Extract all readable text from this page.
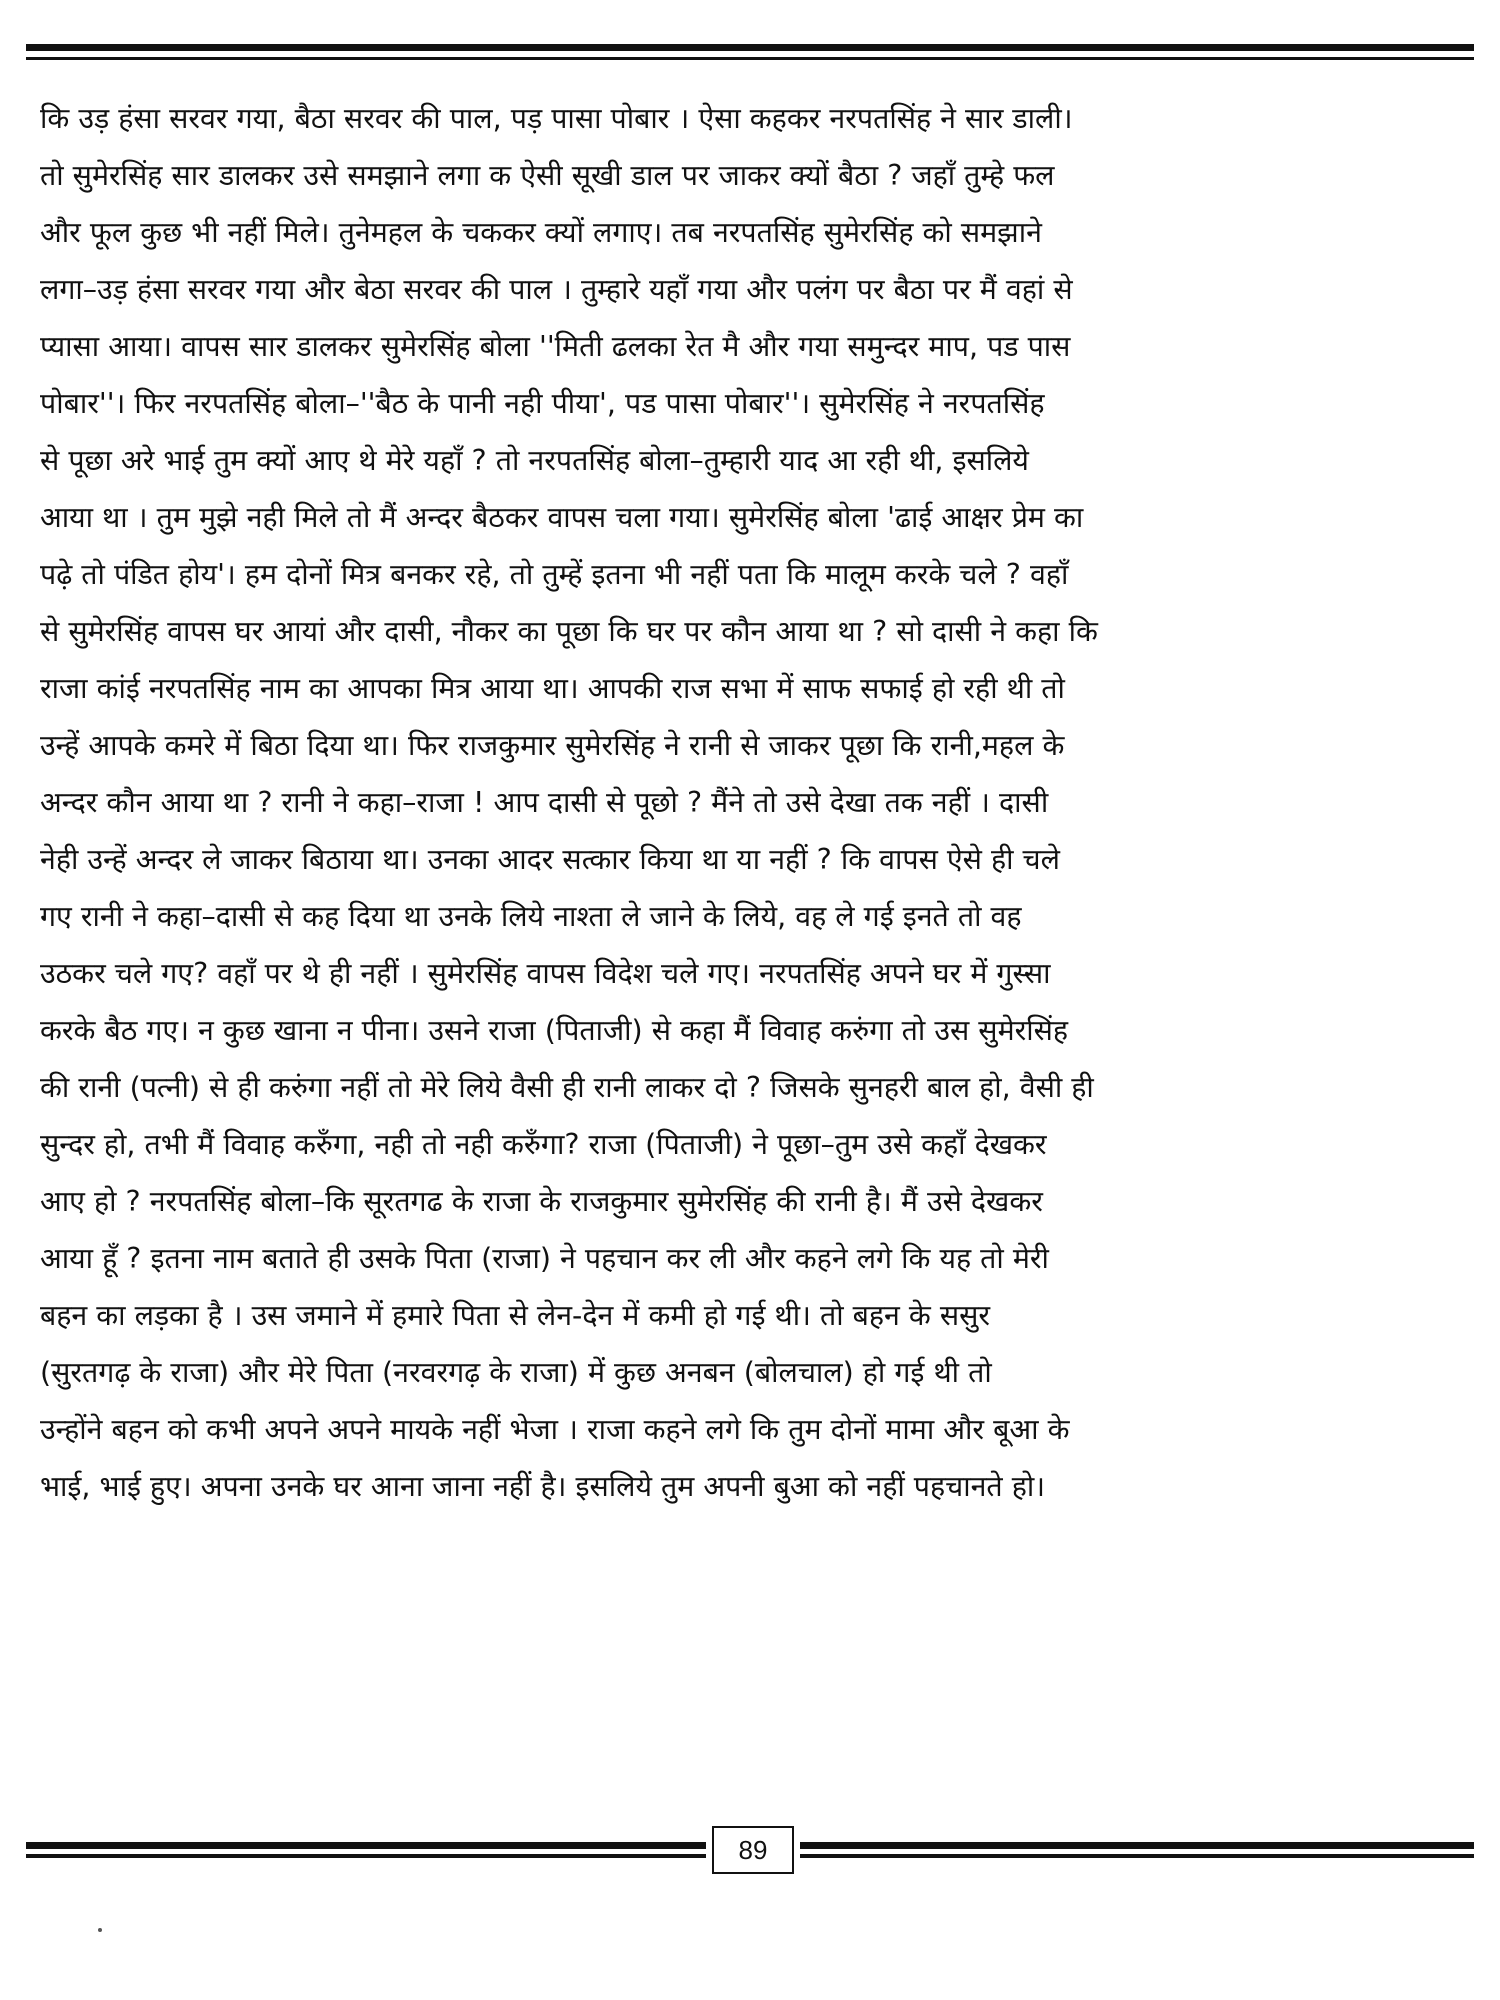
कि उड़ हंसा सरवर गया, बैठा सरवर की पाल, पड़ पासा पोबार । ऐसा कहकर नरपतसिंह ने सार डाली।
तो सुमेरसिंह सार डालकर उसे समझाने लगा क ऐसी सूखी डाल पर जाकर क्यों बैठा ? जहाँ तुम्हे फल
और फूल कुछ भी नहीं मिले। तुनेमहल के चककर क्यों लगाए। तब नरपतसिंह सुमेरसिंह को समझाने
लगा–उड़ हंसा सरवर गया और बेठा सरवर की पाल । तुम्हारे यहाँ गया और पलंग पर बैठा पर मैं वहां से
प्यासा आया। वापस सार डालकर सुमेरसिंह बोला ''मिती ढलका रेत मै और गया समुन्दर माप, पड पास
पोबार''। फिर नरपतसिंह बोला–''बैठ के पानी नही पीया', पड पासा पोबार''। सुमेरसिंह ने नरपतसिंह
से पूछा अरे भाई तुम क्यों आए थे मेरे यहाँ ? तो नरपतसिंह बोला–तुम्हारी याद आ रही थी, इसलिये
आया था । तुम मुझे नही मिले तो मैं अन्दर बैठकर वापस चला गया। सुमेरसिंह बोला 'ढाई आक्षर प्रेम का
पढ़े तो पंडित होय'। हम दोनों मित्र बनकर रहे, तो तुम्हें इतना भी नहीं पता कि मालूम करके चले ? वहाँ
से सुमेरसिंह वापस घर आयां और दासी, नौकर का पूछा कि घर पर कौन आया था ? सो दासी ने कहा कि
राजा कांई नरपतसिंह नाम का आपका मित्र आया था। आपकी राज सभा में साफ सफाई हो रही थी तो
उन्हें आपके कमरे में बिठा दिया था। फिर राजकुमार सुमेरसिंह ने रानी से जाकर पूछा कि रानी,महल के
अन्दर कौन आया था ? रानी ने कहा–राजा ! आप दासी से पूछो ? मैंने तो उसे देखा तक नहीं । दासी
नेही उन्हें अन्दर ले जाकर बिठाया था। उनका आदर सत्कार किया था या नहीं ? कि वापस ऐसे ही चले
गए रानी ने कहा–दासी से कह दिया था उनके लिये नाश्ता ले जाने के लिये, वह ले गई इनते तो वह
उठकर चले गए? वहाँ पर थे ही नहीं । सुमेरसिंह वापस विदेश चले गए। नरपतसिंह अपने घर में गुस्सा
करके बैठ गए। न कुछ खाना न पीना। उसने राजा (पिताजी) से कहा मैं विवाह करुंगा तो उस सुमेरसिंह
की रानी (पत्नी) से ही करुंगा नहीं तो मेरे लिये वैसी ही रानी लाकर दो ? जिसके सुनहरी बाल हो, वैसी ही
सुन्दर हो, तभी मैं विवाह करुँगा, नही तो नही करुँगा? राजा (पिताजी) ने पूछा–तुम उसे कहाँ देखकर
आए हो ? नरपतसिंह बोला–कि सूरतगढ के राजा के राजकुमार सुमेरसिंह की रानी है। मैं उसे देखकर
आया हूँ ? इतना नाम बताते ही उसके पिता (राजा) ने पहचान कर ली और कहने लगे कि यह तो मेरी
बहन का लड़का है । उस जमाने में हमारे पिता से लेन-देन में कमी हो गई थी। तो बहन के ससुर
(सुरतगढ़ के राजा) और मेरे पिता (नरवरगढ़ के राजा) में कुछ अनबन (बोलचाल) हो गई थी तो
उन्होंने बहन को कभी अपने अपने मायके नहीं भेजा । राजा कहने लगे कि तुम दोनों मामा और बूआ के
भाई, भाई हुए। अपना उनके घर आना जाना नहीं है। इसलिये तुम अपनी बुआ को नहीं पहचानते हो।
89
